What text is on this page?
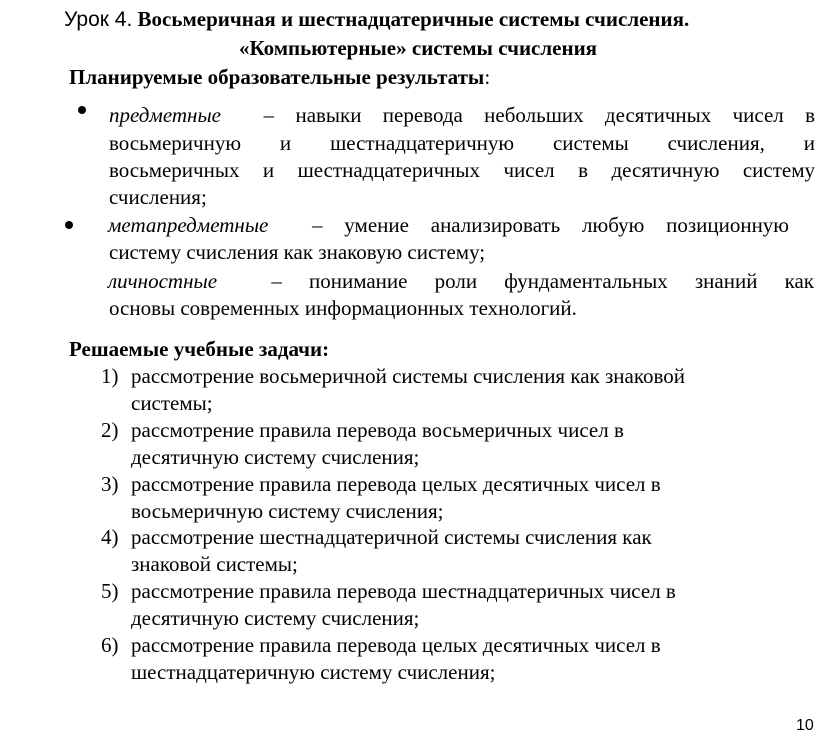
Урок 4. Восьмеричная и шестнадцатеричные системы счисления.
«Компьютерные» системы счисления
Планируемые образовательные результаты:
предметные – навыки перевода небольших десятичных чисел в
восьмеричную и шестнадцатеричную системы счисления, и
восьмеричных и шестнадцатеричных чисел в десятичную систему
счисления;
метапредметные – умение анализировать любую позиционную
систему счисления как знаковую систему;
личностные	– понимание роли фундаментальных знаний как
основы современных информационных технологий.
Решаемые учебные задачи:
1) рассмотрение восьмеричной системы счисления как знаковой
системы;
2) рассмотрение правила перевода восьмеричных чисел в
десятичную систему счисления;
3) рассмотрение правила перевода целых десятичных чисел в
восьмеричную систему счисления;
4) рассмотрение шестнадцатеричной системы счисления как
знаковой системы;
5) рассмотрение правила перевода шестнадцатеричных чисел в
десятичную систему счисления;
6) рассмотрение правила перевода целых десятичных чисел в
шестнадцатеричную систему счисления;
10
